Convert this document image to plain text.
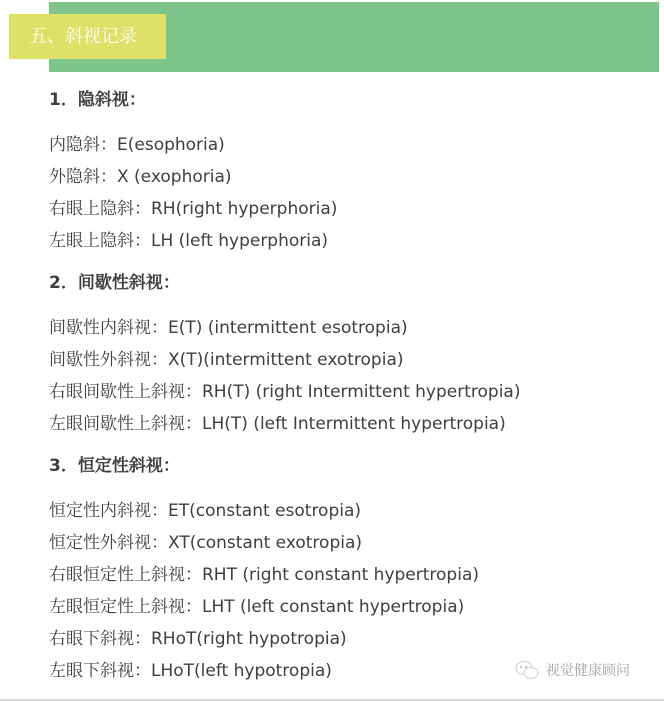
五、斜视记录

1．隐斜视：

内隐斜：E(esophoria)

外隐斜：X (exophoria)

右眼上隐斜：RH(right hyperphoria)

左眼上隐斜：LH (left hyperphoria)

2．间歇性斜视：

间歇性内斜视：E(T) (intermittent esotropia)

间歇性外斜视：X(T)(intermittent exotropia)

右眼间歇性上斜视：RH(T) (right Intermittent hypertropia)

左眼间歇性上斜视：LH(T) (left Intermittent hypertropia)

3．恒定性斜视：

恒定性内斜视：ET(constant esotropia)

恒定性外斜视：XT(constant exotropia)

右眼恒定性上斜视：RHT (right constant hypertropia)

左眼恒定性上斜视：LHT (left constant hypertropia)

右眼下斜视：RHoT(right hypotropia)

左眼下斜视：LHoT(left hypotropia)	视觉健康顾问
